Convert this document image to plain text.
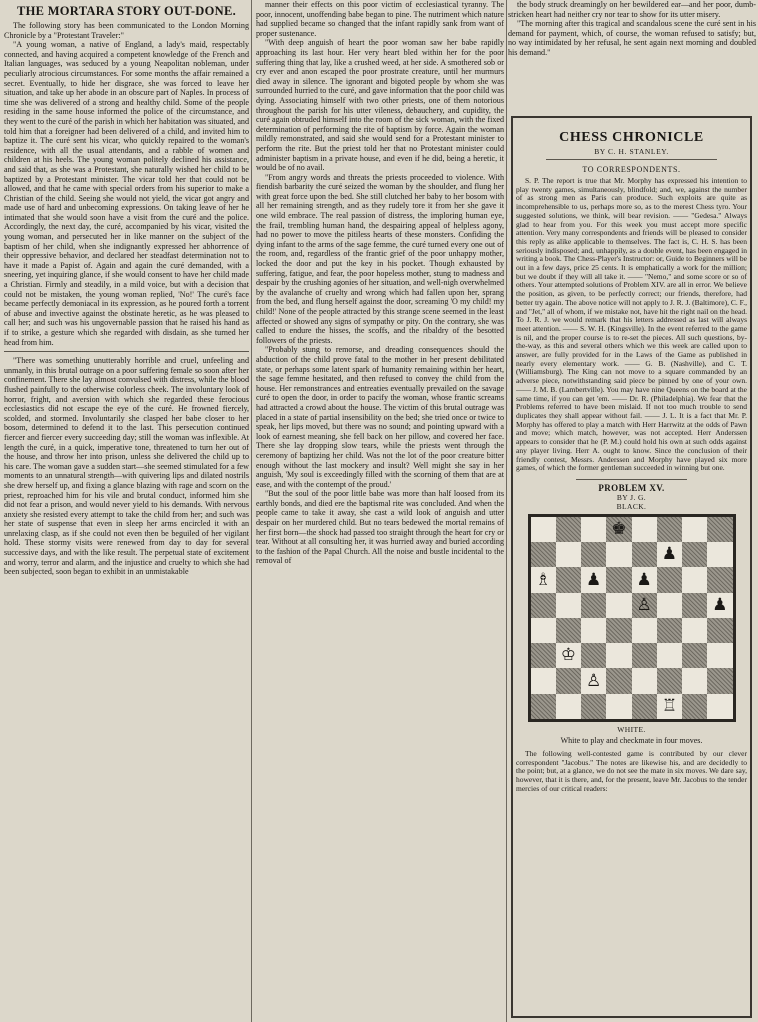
THE MORTARA STORY OUT-DONE.

The following story has been communicated to the London Morning Chronicle by a "Protestant Traveler:"

"A young woman, a native of England, a lady's maid, respectably connected, and having acquired a competent knowledge of the French and Italian languages, was seduced by a young Neapolitan nobleman, under peculiarly atrocious circumstances. For some months the affair remained a secret. Eventually, to hide her disgrace, she was forced to leave her situation, and take up her abode in an obscure part of Naples. In process of time she was delivered of a strong and healthy child. Some of the people residing in the same house informed the police of the circumstance, and they went to the curé of the parish in which her habitation was situated, and told him that a foreigner had been delivered of a child, and invited him to baptize it. The curé sent his vicar, who quickly repaired to the woman's residence, with all the usual attendants, and a rabble of women and children at his heels. The young woman politely declined his assistance, and said that, as she was a Protestant, she naturally wished her child to be baptized by a Protestant minister. The vicar told her that could not be allowed, and that he came with special orders from his superior to make a Christian of the child. Seeing she would not yield, the vicar got angry and made use of hard and unbecoming expressions. On taking leave of her he intimated that she would soon have a visit from the curé and the police. Accordingly, the next day, the curé, accompanied by his vicar, visited the young woman, and persecuted her in like manner on the subject of the baptism of her child, when she indignantly expressed her abhorrence of their oppressive behavior, and declared her steadfast determination not to have it made a Papist of. Again and again the curé demanded, with a sneering, yet inquiring glance, if she would consent to have her child made a Christian. Firmly and steadily, in a mild voice, but with a decision that could not be mistaken, the young woman replied, 'No!' The curé's face became perfectly demoniacal in its expression, as he poured forth a torrent of abuse and invective against the obstinate heretic, as he was pleased to call her; and such was his ungovernable passion that he raised his hand as if to strike, a gesture which she regarded with disdain, as she turned her head from him.

"There was something unutterably horrible and cruel, unfeeling and unmanly, in this brutal outrage on a poor suffering female so soon after her confinement. There she lay almost convulsed with distress, while the blood flushed painfully to the otherwise colorless cheek. The involuntary look of horror, fright, and aversion with which she regarded these ferocious ecclesiastics did not escape the eye of the curé. He frowned fiercely, scolded, and stormed. Involuntarily she clasped her babe closer to her bosom, determined to defend it to the last. This persecution continued fiercer and fiercer every succeeding day; still the woman was inflexible. At length the curé, in a quick, imperative tone, threatened to turn her out of the house, and throw her into prison, unless she delivered the child up to his care. The woman gave a sudden start—she seemed stimulated for a few moments to an unnatural strength—with quivering lips and dilated nostrils she drew herself up, and fixing a glance blazing with rage and scorn on the priest, reproached him for his vile and brutal conduct, informed him she did not fear a prison, and would never yield to his demands. With nervous anxiety she resisted every attempt to take the child from her; and such was her state of suspense that even in sleep her arms encircled it with an unrelaxing clasp, as if she could not even then be beguiled of her vigilant hold. These stormy visits were renewed from day to day for several successive days, and with the like result. The perpetual state of excitement and worry, terror and alarm, and the injustice and cruelty to which she had been subjected, soon began to exhibit in an unmistakable

manner their effects on this poor victim of ecclesiastical tyranny. The poor, innocent, unoffending babe began to pine. The nutriment which nature had supplied became so changed that the infant rapidly sank from want of proper sustenance.

"With deep anguish of heart the poor woman saw her babe rapidly approaching its last hour. Her very heart bled within her for the poor suffering thing that lay, like a crushed weed, at her side. A smothered sob or cry ever and anon escaped the poor prostrate creature, until her murmurs died away in silence. The ignorant and bigoted people by whom she was surrounded hurried to the curé, and gave information that the poor child was dying. Associating himself with two other priests, one of them notorious throughout the parish for his utter vileness, debauchery, and cupidity, the curé again obtruded himself into the room of the sick woman, with the fixed determination of performing the rite of baptism by force. Again the woman mildly remonstrated, and said she would send for a Protestant minister to perform the rite. But the priest told her that no Protestant minister could administer baptism in a private house, and even if he did, being a heretic, it would be of no avail.

"From angry words and threats the priests proceeded to violence. With fiendish barbarity the curé seized the woman by the shoulder, and flung her with great force upon the bed. She still clutched her baby to her bosom with all her remaining strength, and as they rudely tore it from her she gave it one wild embrace. The real passion of distress, the imploring human eye, the frail, trembling human hand, the despairing appeal of helpless agony, had no power to move the pitiless hearts of these monsters. Confiding the dying infant to the arms of the sage femme, the curé turned every one out of the room, and, regardless of the frantic grief of the poor unhappy mother, locked the door and put the key in his pocket. Though exhausted by suffering, fatigue, and fear, the poor hopeless mother, stung to madness and despair by the crushing agonies of her situation, and well-nigh overwhelmed by the avalanche of cruelty and wrong which had fallen upon her, sprang from the bed, and flung herself against the door, screaming 'O my child! my child!' None of the people attracted by this strange scene seemed in the least affected or showed any signs of sympathy or pity. On the contrary, she was called to endure the hisses, the scoffs, and the ribaldry of the besotted followers of the priests.

"Probably stung to remorse, and dreading consequences should the abduction of the child prove fatal to the mother in her present debilitated state, or perhaps some latent spark of humanity remaining within her heart, the sage femme hesitated, and then refused to convey the child from the house. Her remonstrances and entreaties eventually prevailed on the savage curé to open the door, in order to pacify the woman, whose frantic screams had attracted a crowd about the house. The victim of this brutal outrage was placed in a state of partial insensibility on the bed; she tried once or twice to speak, her lips moved, but there was no sound; and pointing upward with a look of earnest meaning, she fell back on her pillow, and covered her face. There she lay dropping slow tears, while the priests went through the ceremony of baptizing her child. Was not the lot of the poor creature bitter enough without the last mockery and insult? Well might she say in her anguish, 'My soul is exceedingly filled with the scorning of them that are at ease, and with the contempt of the proud.'

"But the soul of the poor little babe was more than half loosed from its earthly bonds, and died ere the baptismal rite was concluded. And when the people came to take it away, she cast a wild look of anguish and utter despair on her murdered child. But no tears bedewed the mortal remains of her first born—the shock had passed too straight through the heart for cry or tear. Without at all consulting her, it was hurried away and buried according to the fashion of the Papal Church. All the noise and bustle incidental to the removal of

the body struck dreamingly on her bewildered ear—and her poor, dumb-stricken heart had neither cry nor tear to show for its utter misery.

"The morning after this tragical and scandalous scene the curé sent in his demand for payment, which, of course, the woman refused to satisfy; but, no way intimidated by her refusal, he sent again next morning and doubled his demand."

CHESS CHRONICLE
BY C. H. STANLEY.
TO CORRESPONDENTS.

S. P. The report is true that Mr. Morphy has expressed his intention to play twenty games, simultaneously, blindfold; and, we, against the number of as strong men as Paris can produce. Such exploits are quite as incomprehensible to us, perhaps more so, as to the merest Chess tyro. Your suggested solutions, we think, will bear revision. —— "Gedesa." Always glad to hear from you. For this week you must accept more specific attention. Very many correspondents and friends will be pleased to consider this reply as alike applicable to themselves. The fact is, C. H. S. has been seriously indisposed; and, unhappily, as a double event, has been engaged in writing a book. The Chess-Player's Instructor: or, Guide to Beginners will be out in a few days, price 25 cents. It is emphatically a work for the million; but we doubt if they will all take it. —— "Nemo," and some score or so of others. Your attempted solutions of Problem XIV. are all in error. We believe the position, as given, to be perfectly correct; our friends, therefore, had better try again. The above notice will not apply to J. R. J. (Baltimore), C. F., and "Jet," all of whom, if we mistake not, have hit the right nail on the head. To J. R. J. we would remark that his letters addressed as last will always meet attention. —— S. W. H. (Kingsville). In the event referred to the game is nil, and the proper course is to re-set the pieces. All such questions, by-the-way, as this and several others which we this week are called upon to answer, are fully provided for in the Laws of the Game as published in nearly every elementary work. —— G. B. (Nashville), and C. T. (Williamsburg). The King can not move to a square commanded by an adverse piece, notwithstanding said piece be pinned by one of your own. —— J. M. B. (Lambertville). You may have nine Queens on the board at the same time, if you can get 'em. —— Dr. R. (Philadelphia). We fear that the Problems referred to have been mislaid. If not too much trouble to send duplicates they shall appear without fail. —— J. L. It is a fact that Mr. P. Morphy has offered to play a match with Herr Harrwitz at the odds of Pawn and move; which match, however, was not accepted. Herr Anderssen appears to consider that he (P. M.) could hold his own at such odds against any player living. Herr A. ought to know. Since the conclusion of their friendly contest, Messrs. Anderssen and Morphy have played six more games, of which the former gentleman succeeded in winning but one.

PROBLEM XV.
BY J. G.
BLACK.
♚
♟
♗ ♟ ♟
♙	♟
♔
♙
♖
WHITE.
White to play and checkmate in four moves.

The following well-contested game is contributed by our clever correspondent "Jacobus." The notes are likewise his, and are decidedly to the point; but, at a glance, we do not see the mate in six moves. We dare say, however, that it is there, and, for the present, leave Mr. Jacobus to the tender mercies of our critical readers:
